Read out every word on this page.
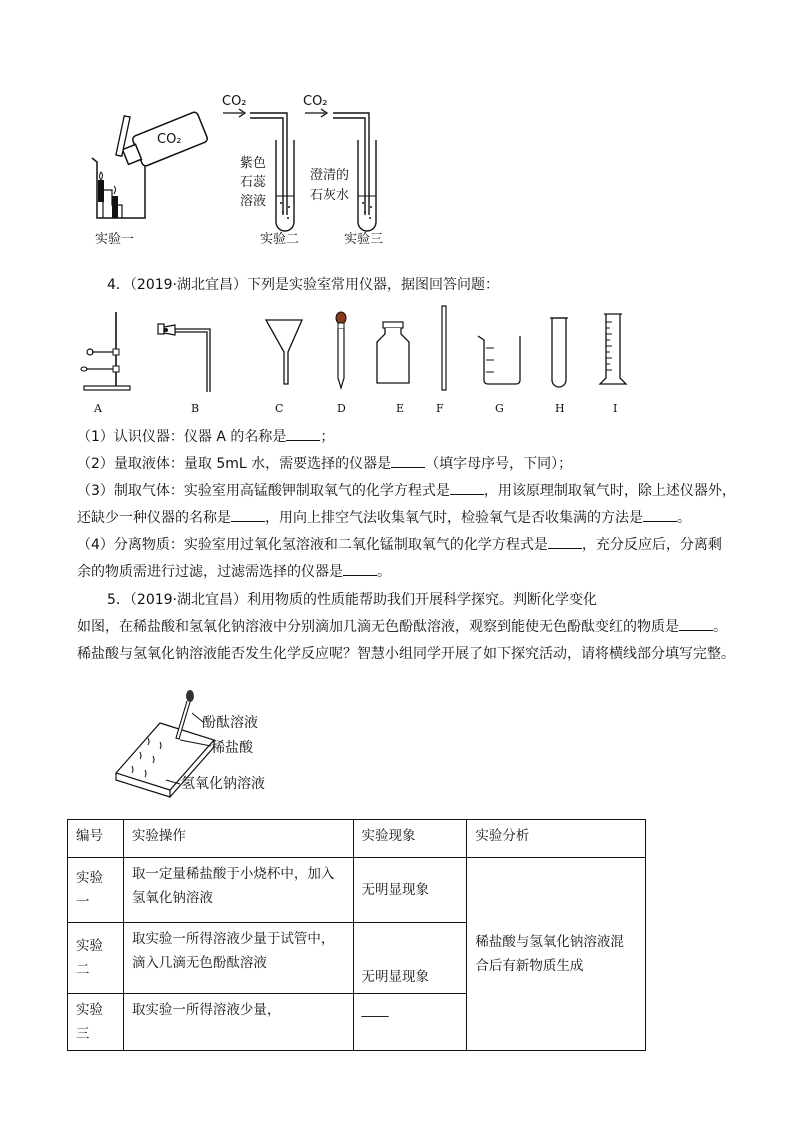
CO₂
CO₂	CO₂
紫色
石蕊
溶液
澄清的
石灰水
实验一	实验二	实验三
4．（2019·湖北宜昌）下列是实验室常用仪器，据图回答问题：
A	B	C	D	E	F	G	H	I
（1）认识仪器：仪器 A 的名称是 ；
（2）量取液体：量取 5mL 水，需要选择的仪器是 （填字母序号，下同）；
（3）制取气体：实验室用高锰酸钾制取氧气的化学方程式是 ，用该原理制取氧气时，除上述仪器外，
还缺少一种仪器的名称是 ，用向上排空气法收集氧气时，检验氧气是否收集满的方法是 。
（4）分离物质：实验室用过氧化氢溶液和二氧化锰制取氧气的化学方程式是 ，充分反应后，分离剩
余的物质需进行过滤，过滤需选择的仪器是 。
5．（2019·湖北宜昌）利用物质的性质能帮助我们开展科学探究。判断化学变化
如图，在稀盐酸和氢氧化钠溶液中分别滴加几滴无色酚酞溶液，观察到能使无色酚酞变红的物质是 。
稀盐酸与氢氧化钠溶液能否发生化学反应呢？智慧小组同学开展了如下探究活动，请将横线部分填写完整。
酚酞溶液
稀盐酸
氢氧化钠溶液
编号	实验操作	实验现象	实验分析
实验一	取一定量稀盐酸于小烧杯中，加入氢氧化钠溶液	无明显现象	稀盐酸与氢氧化钠溶液混合后有新物质生成
实验二	取实验一所得溶液少量于试管中，滴入几滴无色酚酞溶液	无明显现象	
实验三	取实验一所得溶液少量，	____	
